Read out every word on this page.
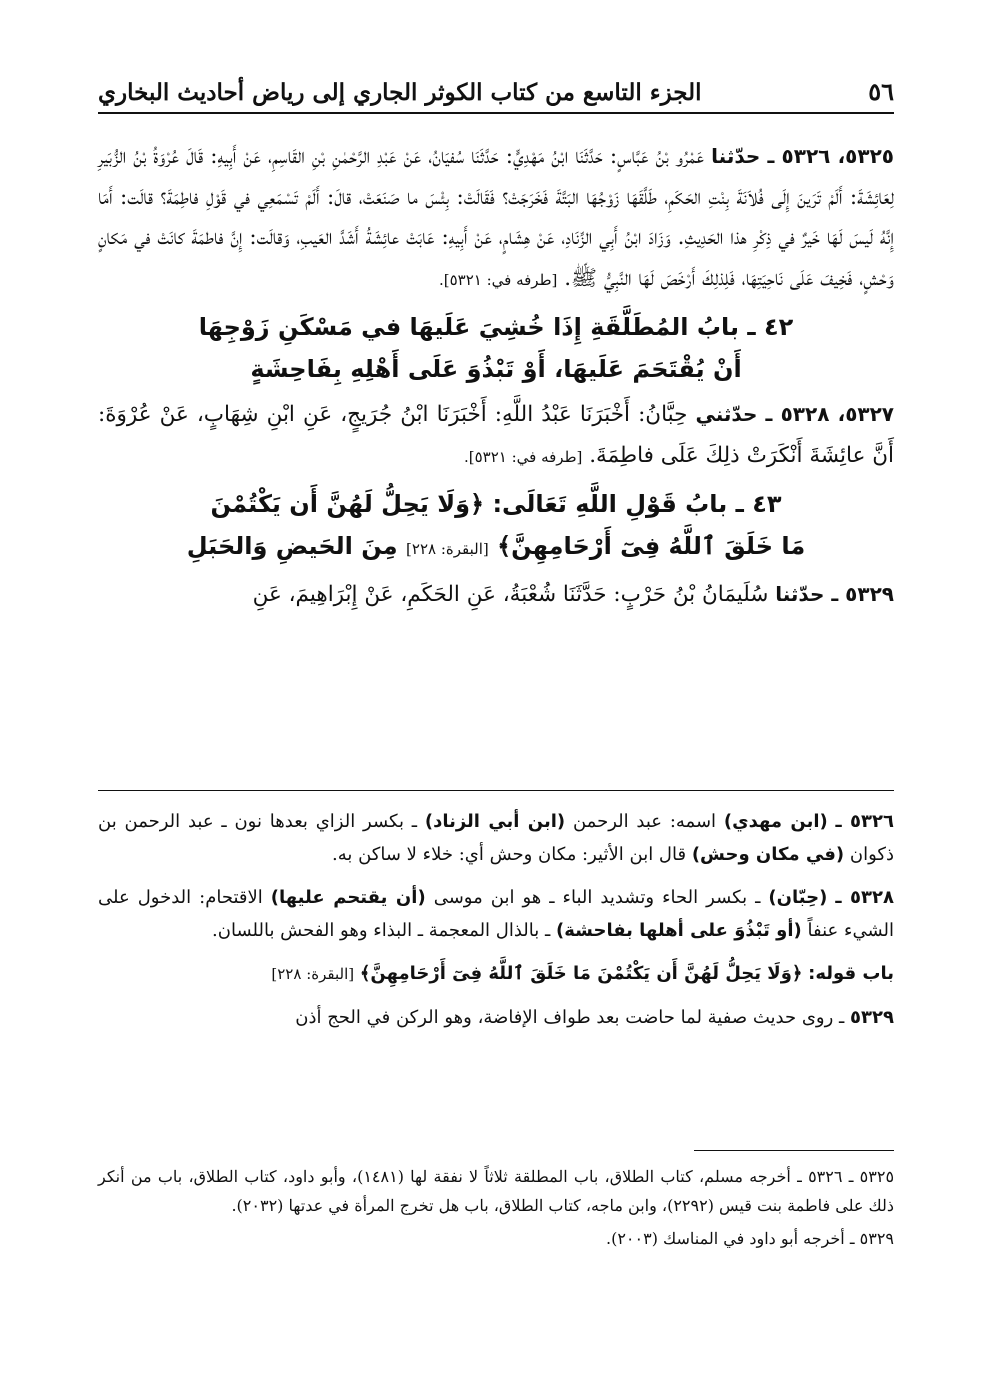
٥٦
الجزء التاسع من كتاب الكوثر الجاري إلى رياض أحاديث البخاري

٥٣٢٥، ٥٣٢٦ ـ حدّثنا عَمْرُو بْنُ عَبَّاسٍ: حَدَّثَنَا ابْنُ مَهْدِيٍّ: حَدَّثَنَا سُفيَانُ، عَنْ عَبْدِ الرَّحْمٰنِ بْنِ القَاسِمِ، عَنْ أَبِيهِ: قَالَ عُرْوَةُ بْنُ الزُّبَيرِ لِعَائِشَةَ: أَلَمْ تَرَينَ إِلَى فُلاَنَةَ بِنْتِ الحَكَمِ، طَلَّقَهَا زَوْجُهَا البَتَّةَ فَخَرَجَتْ؟ فَقَالَتْ: بِئْسَ ما صَنَعَتْ، قالَ: أَلَمْ تَسْمَعِي في قَوْلِ فاطِمَةَ؟ قالَت: أَمَا إِنَّهُ لَيسَ لَهَا خَيرٌ في ذِكْرِ هذا الحَدِيثِ. وَزَادَ ابْنُ أَبِي الزِّنَادِ، عَنْ هِشَامٍ، عَنْ أَبِيهِ: عَابَتْ عائِشَةُ أَشَدَّ العَيبِ، وَقالَت: إِنَّ فاطمَةَ كانَتْ في مَكانٍ وَحْشٍ، فَخِيفَ عَلَى نَاحِيَتِهَا، فَلِذلِكَ أَرْخَصَ لَهَا النَّبِيُّ ﷺ. [طرفه في: ٥٣٢١].

٤٢ ـ بابُ المُطَلَّقَةِ إِذَا خُشِيَ عَلَيهَا في مَسْكَنِ زَوْجِهَا
أَنْ يُقْتَحَمَ عَلَيهَا، أَوْ تَبْذُوَ عَلَى أَهْلِهِ بِفَاحِشَةٍ

٥٣٢٧، ٥٣٢٨ ـ حدّثني حِبَّانُ: أَخْبَرَنَا عَبْدُ اللَّهِ: أَخْبَرَنَا ابْنُ جُرَيجٍ، عَنِ ابْنِ شِهَابٍ، عَنْ عُرْوَةَ: أَنَّ عائِشَةَ أَنْكَرَتْ ذلِكَ عَلَى فاطِمَةَ. [طرفه في: ٥٣٢١].

٤٣ ـ بابُ قَوْلِ اللَّهِ تَعَالَى: ﴿وَلَا يَحِلُّ لَهُنَّ أَن يَكْتُمْنَ
مَا خَلَقَ ٱللَّهُ فِىٓ أَرْحَامِهِنَّ﴾ [البقرة: ٢٢٨] مِنَ الحَيضِ وَالحَبَلِ

٥٣٢٩ ـ حدّثنا سُلَيمَانُ بْنُ حَرْبٍ: حَدَّثَنَا شُعْبَةُ، عَنِ الحَكَمِ، عَنْ إِبْرَاهِيمَ، عَنِ

٥٣٢٦ ـ (ابن مهدي) اسمه: عبد الرحمن (ابن أبي الزناد) ـ بكسر الزاي بعدها نون ـ عبد الرحمن بن ذكوان (في مكان وحش) قال ابن الأثير: مكان وحش أي: خلاء لا ساكن به.

٥٣٢٨ ـ (حِبّان) ـ بكسر الحاء وتشديد الباء ـ هو ابن موسى (أن يقتحم عليها) الاقتحام: الدخول على الشيء عنفاً (أو تَبْذُوَ على أهلها بفاحشة) ـ بالذال المعجمة ـ البذاء وهو الفحش باللسان.

باب قوله: ﴿وَلَا يَحِلُّ لَهُنَّ أَن يَكْتُمْنَ مَا خَلَقَ ٱللَّهُ فِىٓ أَرْحَامِهِنَّ﴾ [البقرة: ٢٢٨]

٥٣٢٩ ـ روى حديث صفية لما حاضت بعد طواف الإفاضة، وهو الركن في الحج أذن

٥٣٢٥ ـ ٥٣٢٦ ـ أخرجه مسلم، كتاب الطلاق، باب المطلقة ثلاثاً لا نفقة لها (١٤٨١)، وأبو داود، كتاب الطلاق، باب من أنكر ذلك على فاطمة بنت قيس (٢٢٩٢)، وابن ماجه، كتاب الطلاق، باب هل تخرج المرأة في عدتها (٢٠٣٢).

٥٣٢٩ ـ أخرجه أبو داود في المناسك (٢٠٠٣).
